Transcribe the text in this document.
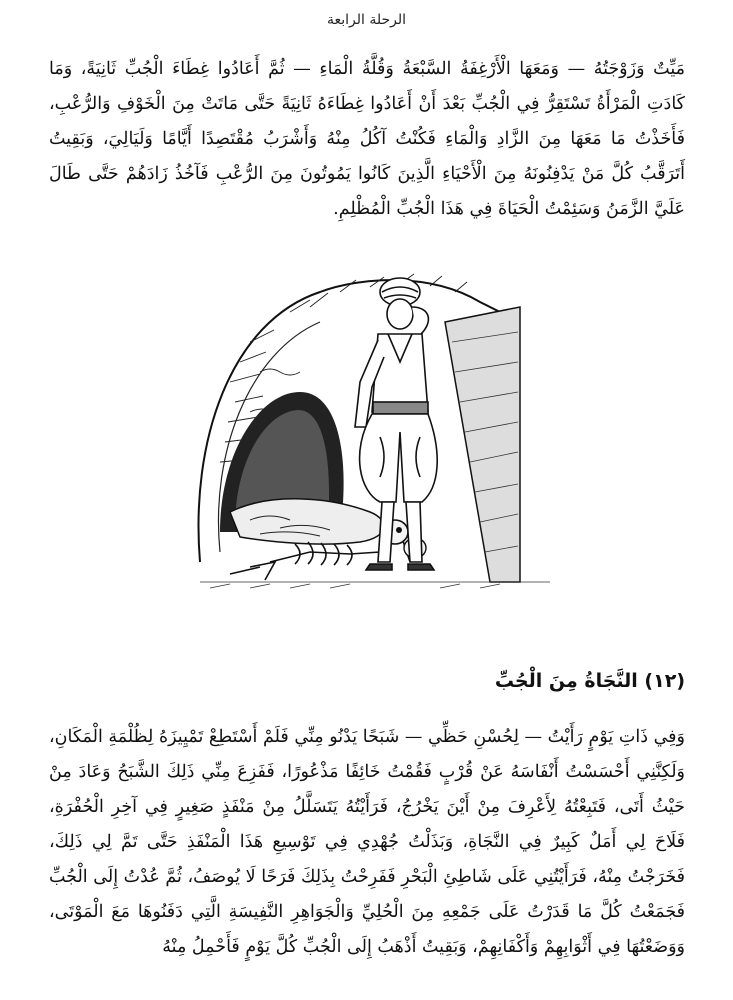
الرحلة الرابعة

مَيِّتٌ وَزَوْجَتُهُ — وَمَعَهَا الْأَرْغِفَةُ السَّبْعَةُ وَقُلَّةُ الْمَاءِ — ثُمَّ أَعَادُوا غِطَاءَ الْجُبِّ ثَانِيَةً، وَمَا كَادَتِ الْمَرْأَةُ تَسْتَقِرُّ فِي الْجُبِّ بَعْدَ أَنْ أَعَادُوا غِطَاءَهُ ثَانِيَةً حَتَّى مَاتَتْ مِنَ الْخَوْفِ وَالرُّعْبِ، فَأَخَذْتُ مَا مَعَهَا مِنَ الزَّادِ وَالْمَاءِ فَكُنْتُ آكُلُ مِنْهُ وَأَشْرَبُ مُقْتَصِدًا أَيَّامًا وَلَيَالِيَ، وَبَقِيتُ أَتَرَقَّبُ كُلَّ مَنْ يَدْفِنُونَهُ مِنَ الْأَحْيَاءِ الَّذِينَ كَانُوا يَمُوتُونَ مِنَ الرُّعْبِ فَآخُذُ زَادَهُمْ حَتَّى طَالَ عَلَيَّ الزَّمَنُ وَسَئِمْتُ الْحَيَاةَ فِي هَذَا الْجُبِّ الْمُظْلِمِ.

(١٢) النَّجَاةُ مِنَ الْجُبِّ

وَفِي ذَاتِ يَوْمٍ رَأَيْتُ — لِحُسْنِ حَظِّي — شَبَحًا يَدْنُو مِنِّي فَلَمْ أَسْتَطِعْ تَمْيِيزَهُ لِظُلْمَةِ الْمَكَانِ، وَلَكِنَّنِي أَحْسَسْتُ أَنْفَاسَهُ عَنْ قُرْبٍ فَقُمْتُ خَائِفًا مَذْعُورًا، فَفَزِعَ مِنِّي ذَلِكَ الشَّبَحُ وَعَادَ مِنْ حَيْثُ أَتَى، فَتَبِعْتُهُ لِأَعْرِفَ مِنْ أَيْنَ يَخْرُجُ، فَرَأَيْتُهُ يَتَسَلَّلُ مِنْ مَنْفَذٍ صَغِيرٍ فِي آخِرِ الْحُفْرَةِ، فَلَاحَ لِي أَمَلٌ كَبِيرٌ فِي النَّجَاةِ، وَبَذَلْتُ جُهْدِي فِي تَوْسِيعِ هَذَا الْمَنْفَذِ حَتَّى تَمَّ لِي ذَلِكَ، فَخَرَجْتُ مِنْهُ، فَرَأَيْتُنِي عَلَى شَاطِئِ الْبَحْرِ فَفَرِحْتُ بِذَلِكَ فَرَحًا لَا يُوصَفُ، ثُمَّ عُدْتُ إِلَى الْجُبِّ فَجَمَعْتُ كُلَّ مَا قَدَرْتُ عَلَى جَمْعِهِ مِنَ الْحُلِيِّ وَالْجَوَاهِرِ النَّفِيسَةِ الَّتِي دَفَنُوهَا مَعَ الْمَوْتَى، وَوَضَعْتُهَا فِي أَثْوَابِهِمْ وَأَكْفَانِهِمْ، وَبَقِيتُ أَذْهَبُ إِلَى الْجُبِّ كُلَّ يَوْمٍ فَأَحْمِلُ مِنْهُ
